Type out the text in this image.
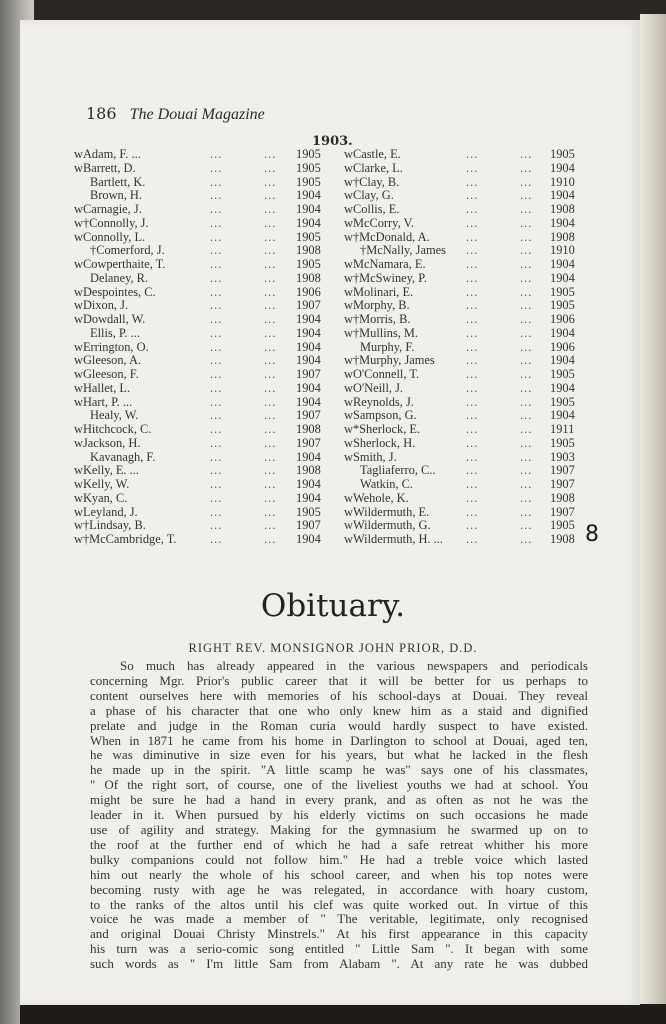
186 The Douai Magazine
1903.
wAdam, F. ...	...	... 1905
wBarrett, D.	...	... 1905
Bartlett, K.	...	... 1905
Brown, H.	...	... 1904
wCarnagie, J.	...	... 1904
w†Connolly, J.	...	... 1904
wConnolly, L.	...	... 1905
†Comerford, J.	...	... 1908
wCowperthaite, T.	...	... 1905
Delaney, R.	...	... 1908
wDespointes, C.	...	... 1906
wDixon, J.	...	... 1907
wDowdall, W.	...	... 1904
Ellis, P. ...	...	... 1904
wErrington, O.	...	... 1904
wGleeson, A.	...	... 1904
wGleeson, F.	...	... 1907
wHallet, L.	...	... 1904
wHart, P. ...	...	... 1904
Healy, W.	...	... 1907
wHitchcock, C.	...	... 1908
wJackson, H.	...	... 1907
Kavanagh, F.	...	... 1904
wKelly, E. ...	...	... 1908
wKelly, W.	...	... 1904
wKyan, C.	...	... 1904
wLeyland, J.	...	... 1905
w†Lindsay, B.	...	... 1907
w†McCambridge, T.	...	... 1904
wCastle, E.	...	... 1905
wClarke, L.	...	... 1904
w†Clay, B.	...	... 1910
wClay, G.	...	... 1904
wCollis, E.	...	... 1908
wMcCorry, V.	...	... 1904
w†McDonald, A.	...	... 1908
†McNally, James ...	... 1910
wMcNamara, E.	...	... 1904
w†McSwiney, P.	...	... 1904
wMolinari, E.	...	... 1905
wMorphy, B.	...	... 1905
w†Morris, B.	...	... 1906
w†Mullins, M.	...	... 1904
Murphy, F.	...	... 1906
w†Murphy, James	...	... 1904
wO'Connell, T.	...	... 1905
wO'Neill, J.	...	... 1904
wReynolds, J.	...	... 1905
wSampson, G.	...	... 1904
w*Sherlock, E.	...	... 1911
wSherlock, H.	...	... 1905
wSmith, J.	...	... 1903
Tagliaferro, C.. ...	... 1907
Watkin, C.	...	... 1907
wWehole, K.	...	... 1908
wWildermuth, E.	...	... 1907
wWildermuth, G.	...	... 1905
wWildermuth, H. ... ...	... 1908 8
Obituary.
RIGHT REV. MONSIGNOR JOHN PRIOR, D.D.
So much has already appeared in the various newspapers and periodicals
concerning Mgr. Prior's public career that it will be better for us perhaps to
content ourselves here with memories of his school-days at Douai. They reveal
a phase of his character that one who only knew him as a staid and dignified
prelate and judge in the Roman curia would hardly suspect to have existed.
When in 1871 he came from his home in Darlington to school at Douai, aged ten,
he was diminutive in size even for his years, but what he lacked in the flesh
he made up in the spirit. "A little scamp he was" says one of his classmates,
" Of the right sort, of course, one of the liveliest youths we had at school. You
might be sure he had a hand in every prank, and as often as not he was the
leader in it. When pursued by his elderly victims on such occasions he made
use of agility and strategy. Making for the gymnasium he swarmed up on to
the roof at the further end of which he had a safe retreat whither his more
bulky companions could not follow him." He had a treble voice which lasted
him out nearly the whole of his school career, and when his top notes were
becoming rusty with age he was relegated, in accordance with hoary custom,
to the ranks of the altos until his clef was quite worked out. In virtue of this
voice he was made a member of " The veritable, legitimate, only recognised
and original Douai Christy Minstrels." At his first appearance in this capacity
his turn was a serio-comic song entitled " Little Sam ". It began with some
such words as " I'm little Sam from Alabam ". At any rate he was dubbed
